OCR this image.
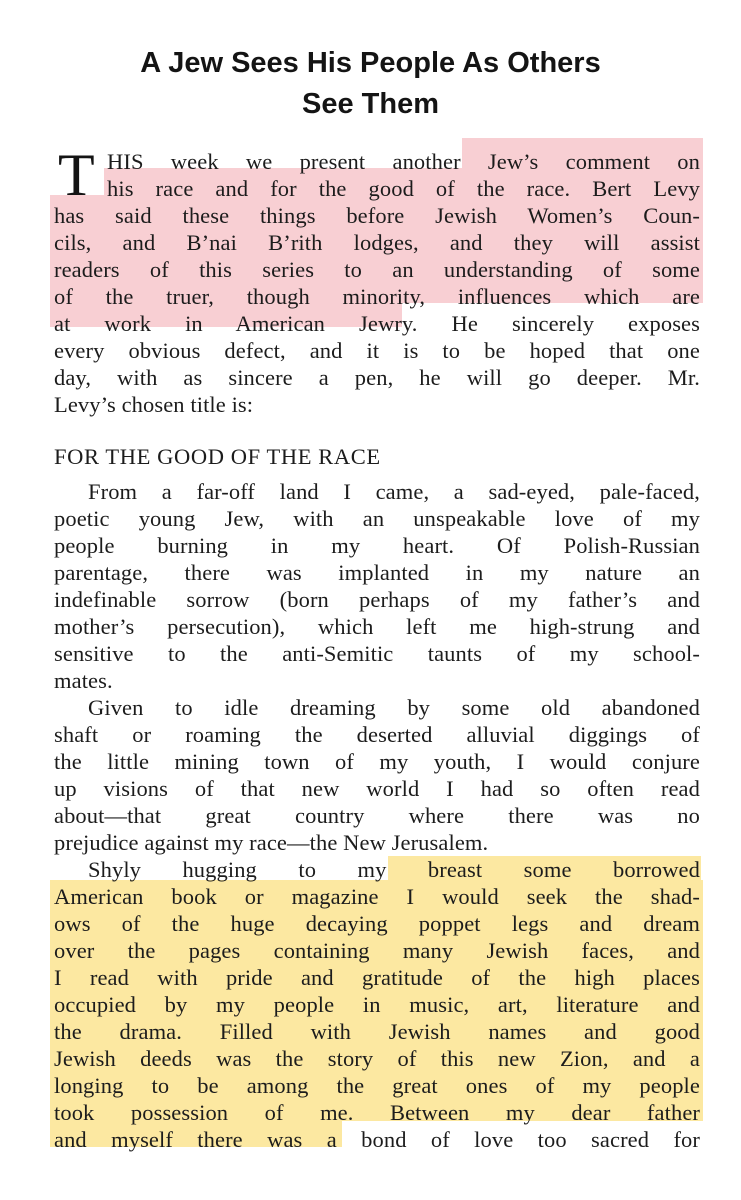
A Jew Sees His People As Others
See Them
T HIS week we present another Jew’s comment on
his race and for the good of the race. Bert Levy
has said these things before Jewish Women’s Coun-
cils, and B’nai B’rith lodges, and they will assist
readers of this series to an understanding of some
of the truer, though minority, influences which are
at work in American Jewry. He sincerely exposes
every obvious defect, and it is to be hoped that one
day, with as sincere a pen, he will go deeper. Mr.
Levy’s chosen title is:
FOR THE GOOD OF THE RACE
From a far-off land I came, a sad-eyed, pale-faced,
poetic young Jew, with an unspeakable love of my
people burning in my heart. Of Polish-Russian
parentage, there was implanted in my nature an
indefinable sorrow (born perhaps of my father’s and
mother’s persecution), which left me high-strung and
sensitive to the anti-Semitic taunts of my school-
mates.
Given to idle dreaming by some old abandoned
shaft or roaming the deserted alluvial diggings of
the little mining town of my youth, I would conjure
up visions of that new world I had so often read
about—that great country where there was no
prejudice against my race—the New Jerusalem.
Shyly hugging to my breast some borrowed
American book or magazine I would seek the shad-
ows of the huge decaying poppet legs and dream
over the pages containing many Jewish faces, and
I read with pride and gratitude of the high places
occupied by my people in music, art, literature and
the drama. Filled with Jewish names and good
Jewish deeds was the story of this new Zion, and a
longing to be among the great ones of my people
took possession of me. Between my dear father
and myself there was a bond of love too sacred for
